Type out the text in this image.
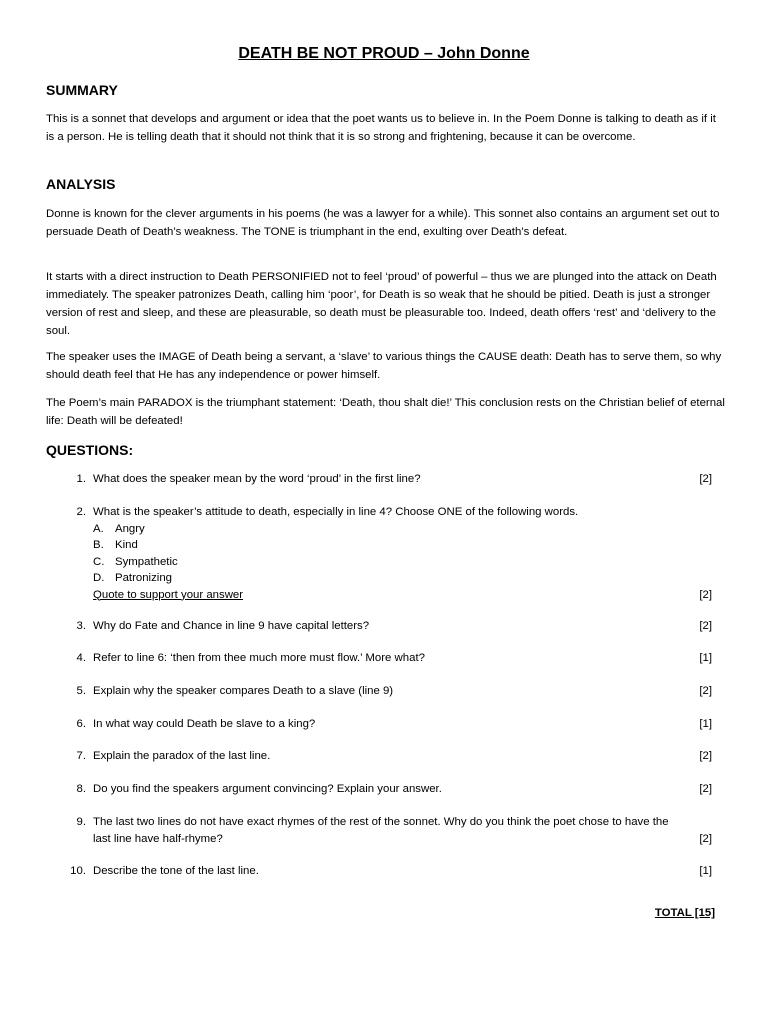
DEATH BE NOT PROUD – John Donne
SUMMARY

This is a sonnet that develops and argument or idea that the poet wants us to believe in. In the Poem Donne is talking to death as if it is a person. He is telling death that it should not think that it is so strong and frightening, because it can be overcome.

ANALYSIS

Donne is known for the clever arguments in his poems (he was a lawyer for a while). This sonnet also contains an argument set out to persuade Death of Death’s weakness. The TONE is triumphant in the end, exulting over Death’s defeat.

It starts with a direct instruction to Death PERSONIFIED not to feel ‘proud’ of powerful – thus we are plunged into the attack on Death immediately. The speaker patronizes Death, calling him ‘poor’, for Death is so weak that he should be pitied. Death is just a stronger version of rest and sleep, and these are pleasurable, so death must be pleasurable too. Indeed, death offers ‘rest’ and ‘delivery to the soul.

The speaker uses the IMAGE of Death being a servant, a ‘slave’ to various things the CAUSE death: Death has to serve them, so why should death feel that He has any independence or power himself.

The Poem’s main PARADOX is the triumphant statement: ‘Death, thou shalt die!’ This conclusion rests on the Christian belief of eternal life: Death will be defeated!

QUESTIONS:
1. What does the speaker mean by the word ‘proud’ in the first line?	[2]
2. What is the speaker’s attitude to death, especially in line 4? Choose ONE of the following words.
A. Angry
B. Kind
C. Sympathetic
D. Patronizing
Quote to support your answer	[2]
3. Why do Fate and Chance in line 9 have capital letters?	[2]
4. Refer to line 6: ‘then from thee much more must flow.’ More what?	[1]
5. Explain why the speaker compares Death to a slave (line 9)	[2]
6. In what way could Death be slave to a king?	[1]
7. Explain the paradox of the last line.	[2]
8. Do you find the speakers argument convincing? Explain your answer.	[2]
9. The last two lines do not have exact rhymes of the rest of the sonnet. Why do you think the poet chose to have the last line have half-rhyme?	[2]
10. Describe the tone of the last line.	[1]
TOTAL [15]
